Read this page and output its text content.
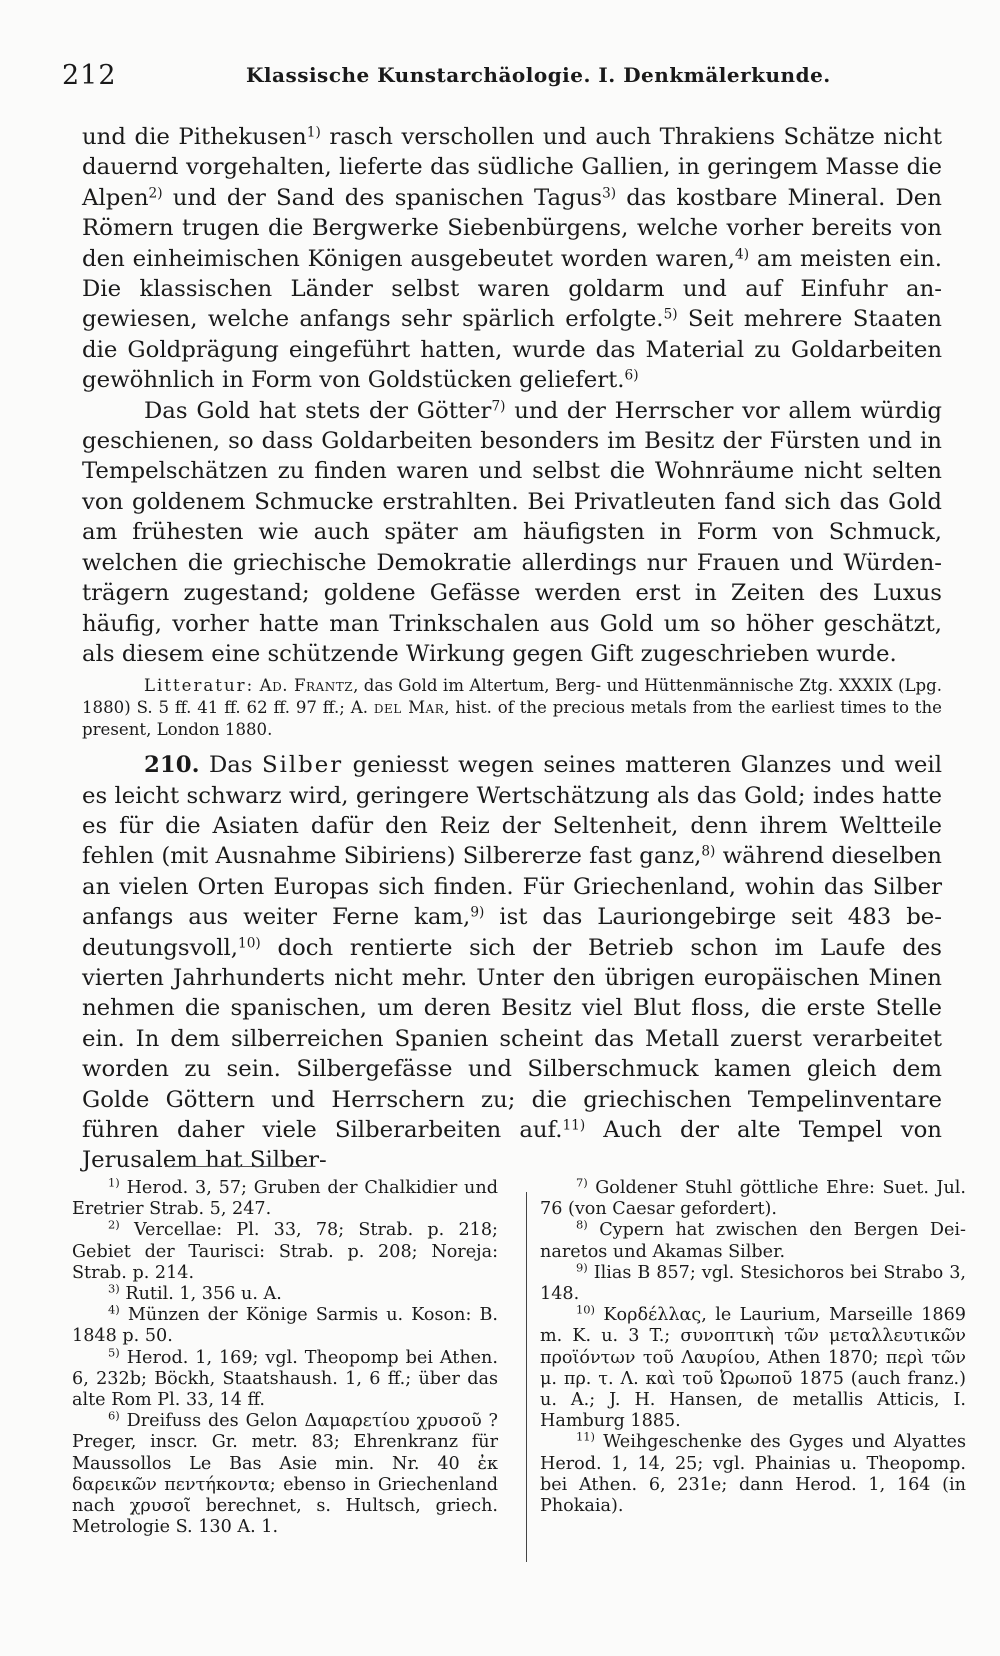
212	Klassische Kunstarchäologie. I. Denkmälerkunde.

und die Pithekusen$^{1)}$ rasch verschollen und auch Thrakiens Schätze nicht dauernd vorgehalten, lieferte das südliche Gallien, in geringem Masse die Alpen$^{2)}$ und der Sand des spanischen Tagus$^{3)}$ das kostbare Mineral. Den Römern trugen die Bergwerke Siebenbürgens, welche vorher bereits von den einheimischen Königen ausgebeutet worden waren,$^{4)}$ am meisten ein. Die klassischen Länder selbst waren goldarm und auf Einfuhr angewiesen, welche anfangs sehr spärlich erfolgte.$^{5)}$ Seit mehrere Staaten die Goldprägung eingeführt hatten, wurde das Material zu Goldarbeiten gewöhnlich in Form von Goldstücken geliefert.$^{6)}$

Das Gold hat stets der Götter$^{7)}$ und der Herrscher vor allem würdig geschienen, so dass Goldarbeiten besonders im Besitz der Fürsten und in Tempelschätzen zu finden waren und selbst die Wohnräume nicht selten von goldenem Schmucke erstrahlten. Bei Privatleuten fand sich das Gold am frühesten wie auch später am häufigsten in Form von Schmuck, welchen die griechische Demokratie allerdings nur Frauen und Würdenträgern zugestand; goldene Gefässe werden erst in Zeiten des Luxus häufig, vorher hatte man Trinkschalen aus Gold um so höher geschätzt, als diesem eine schützende Wirkung gegen Gift zugeschrieben wurde.

Litteratur: Ad. Frantz, das Gold im Altertum, Berg- und Hüttenmännische Ztg. XXXIX (Lpg. 1880) S. 5 ff. 41 ff. 62 ff. 97 ff.; A. del Mar, hist. of the precious metals from the earliest times to the present, London 1880.

210. Das Silber geniesst wegen seines matteren Glanzes und weil es leicht schwarz wird, geringere Wertschätzung als das Gold; indes hatte es für die Asiaten dafür den Reiz der Seltenheit, denn ihrem Weltteile fehlen (mit Ausnahme Sibiriens) Silbererze fast ganz,$^{8)}$ während dieselben an vielen Orten Europas sich finden. Für Griechenland, wohin das Silber anfangs aus weiter Ferne kam,$^{9)}$ ist das Lauriongebirge seit 483 bedeutungsvoll,$^{10)}$ doch rentierte sich der Betrieb schon im Laufe des vierten Jahrhunderts nicht mehr. Unter den übrigen europäischen Minen nehmen die spanischen, um deren Besitz viel Blut floss, die erste Stelle ein. In dem silberreichen Spanien scheint das Metall zuerst verarbeitet worden zu sein. Silbergefässe und Silberschmuck kamen gleich dem Golde Göttern und Herrschern zu; die griechischen Tempelinventare führen daher viele Silberarbeiten auf.$^{11)}$ Auch der alte Tempel von Jerusalem hat Silber-

$^{1)}$ Herod. 3, 57; Gruben der Chalkidier und Eretrier Strab. 5, 247.

$^{2)}$ Vercellae: Pl. 33, 78; Strab. p. 218; Gebiet der Taurisci: Strab. p. 208; Noreja: Strab. p. 214.

$^{3)}$ Rutil. 1, 356 u. A.

$^{4)}$ Münzen der Könige Sarmis u. Koson: B. 1848 p. 50.

$^{5)}$ Herod. 1, 169; vgl. Theopomp bei Athen. 6, 232b; Böckh, Staatshaush. 1, 6 ff.; über das alte Rom Pl. 33, 14 ff.

$^{6)}$ Dreifuss des Gelon Δαμαρετίου χρυσοῦ ? Preger, inscr. Gr. metr. 83; Ehrenkranz für Maussollos Le Bas Asie min. Nr. 40 ἐκ δαρεικῶν πεντήκοντα; ebenso in Griechenland nach χρυσοῖ berechnet, s. Hultsch, griech. Metrologie S. 130 A. 1.

$^{7)}$ Goldener Stuhl göttliche Ehre: Suet. Jul. 76 (von Caesar gefordert).

$^{8)}$ Cypern hat zwischen den Bergen Deinaretos und Akamas Silber.

$^{9)}$ Ilias B 857; vgl. Stesichoros bei Strabo 3, 148.

$^{10)}$ Κορδέλλας, le Laurium, Marseille 1869 m. K. u. 3 T.; συνοπτικὴ τῶν μεταλλευτικῶν προϊόντων τοῦ Λαυρίου, Athen 1870; περὶ τῶν μ. πρ. τ. Λ. καὶ τοῦ Ὠρωποῦ 1875 (auch franz.) u. A.; J. H. Hansen, de metallis Atticis, I. Hamburg 1885.

$^{11)}$ Weihgeschenke des Gyges und Alyattes Herod. 1, 14, 25; vgl. Phainias u. Theopomp. bei Athen. 6, 231e; dann Herod. 1, 164 (in Phokaia).
